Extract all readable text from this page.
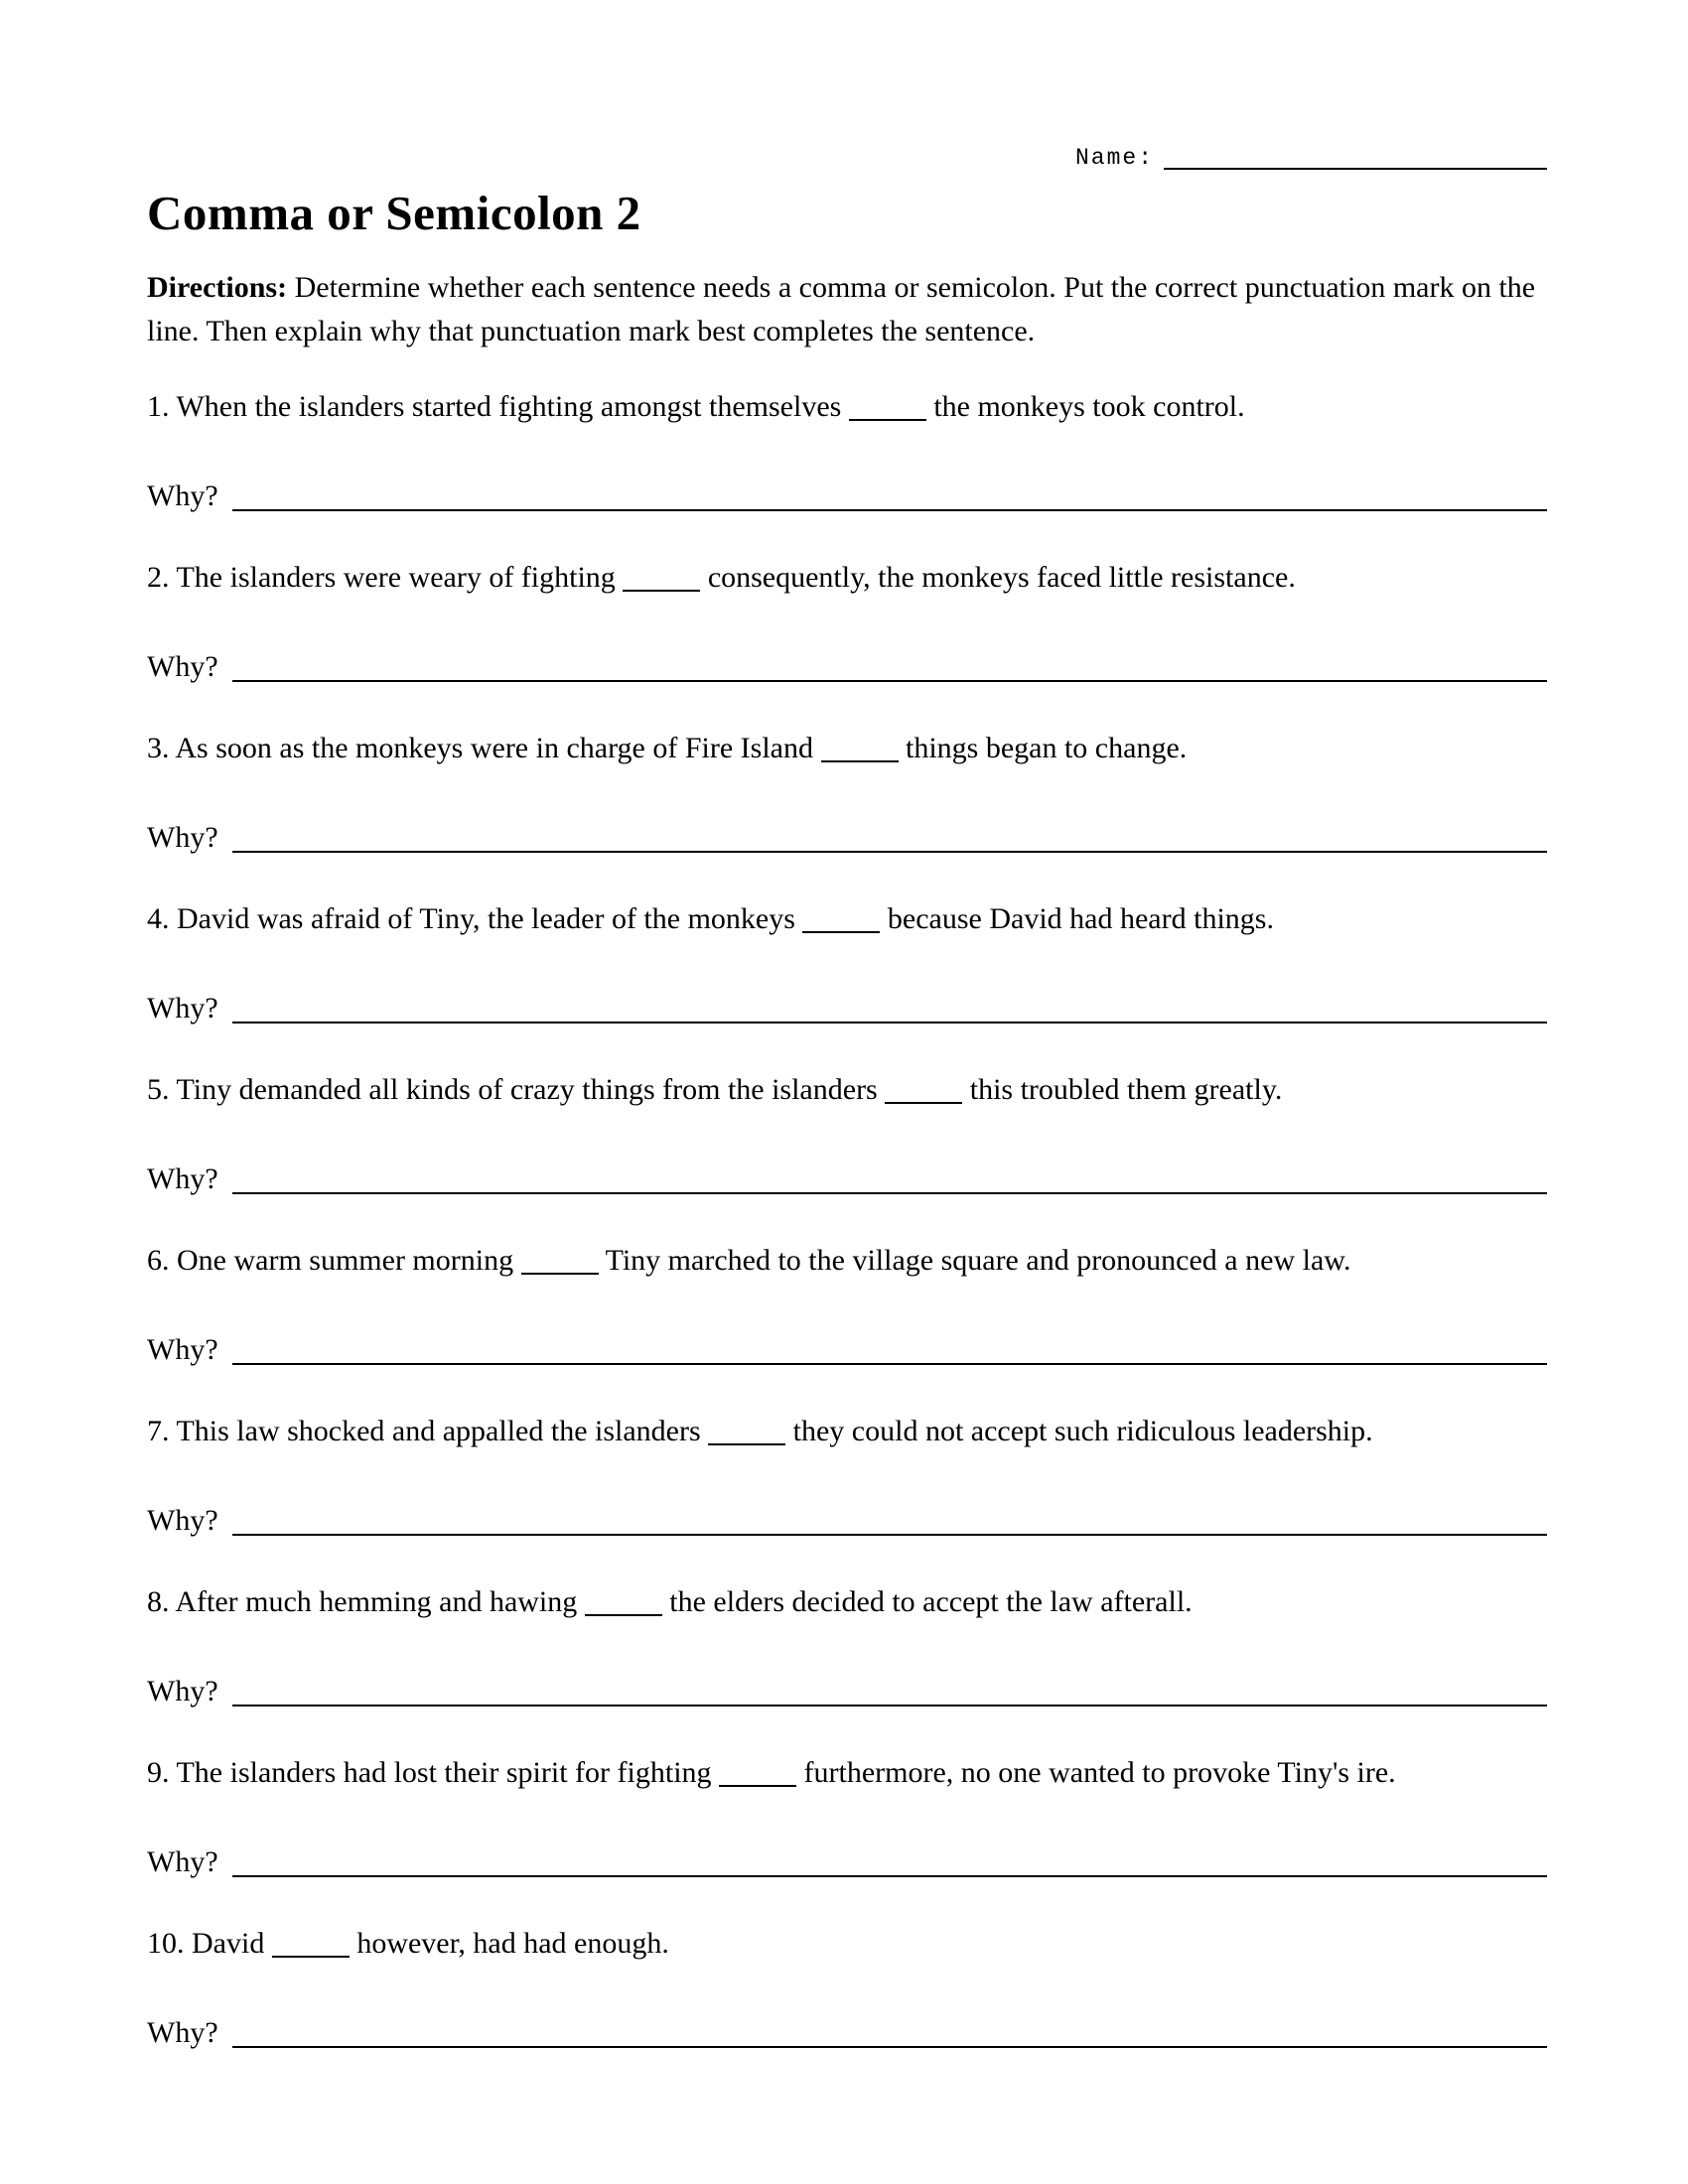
Name:
Comma or Semicolon 2

Directions: Determine whether each sentence needs a comma or semicolon. Put the correct punctuation mark on the line. Then explain why that punctuation mark best completes the sentence.

1. When the islanders started fighting amongst themselves	the monkeys took control.

Why?

2. The islanders were weary of fighting	consequently, the monkeys faced little resistance.

Why?

3. As soon as the monkeys were in charge of Fire Island	things began to change.

Why?

4. David was afraid of Tiny, the leader of the monkeys	because David had heard things.

Why?

5. Tiny demanded all kinds of crazy things from the islanders	this troubled them greatly.

Why?

6. One warm summer morning	Tiny marched to the village square and pronounced a new law.

Why?

7. This law shocked and appalled the islanders	they could not accept such ridiculous leadership.

Why?

8. After much hemming and hawing	the elders decided to accept the law afterall.

Why?

9. The islanders had lost their spirit for fighting	furthermore, no one wanted to provoke Tiny's ire.

Why?

10. David	however, had had enough.

Why?
